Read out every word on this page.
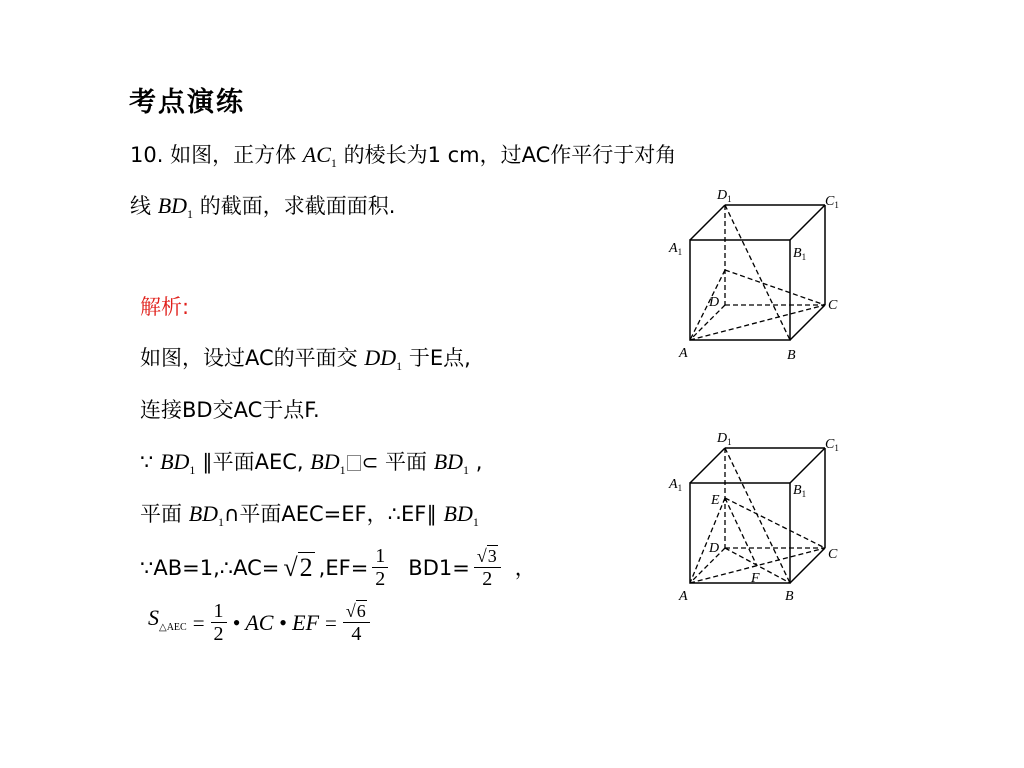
考点演练
10. 如图，正方体 $AC_1$ 的棱长为1 cm，过AC作平行于对角
线 $BD_1$ 的截面，求截面面积.
解析:
如图，设过AC的平面交 $DD_1$ 于E点,
连接BD交AC于点F.
∵ $BD_1$ ∥平面AEC, $BD_1$ ⊂ 平面 $BD_1$ ,
平面 $BD_1\cap$平面AEC=EF，∴EF∥ $BD_1$
∵AB=1,∴AC= √2 $,EF= \frac{1}{2} BD1= \frac{√3}{2}$ ，
$S_{\triangle AEC} = \frac{1}{2}$ • AC • EF = $\frac{√6}{4}$
$D_1$	$C_1$
$A_1$	$B_1$
D	C
A	B
$D_1$	$C_1$
$A_1$	$B_1$
E
D
F
C
A	B
